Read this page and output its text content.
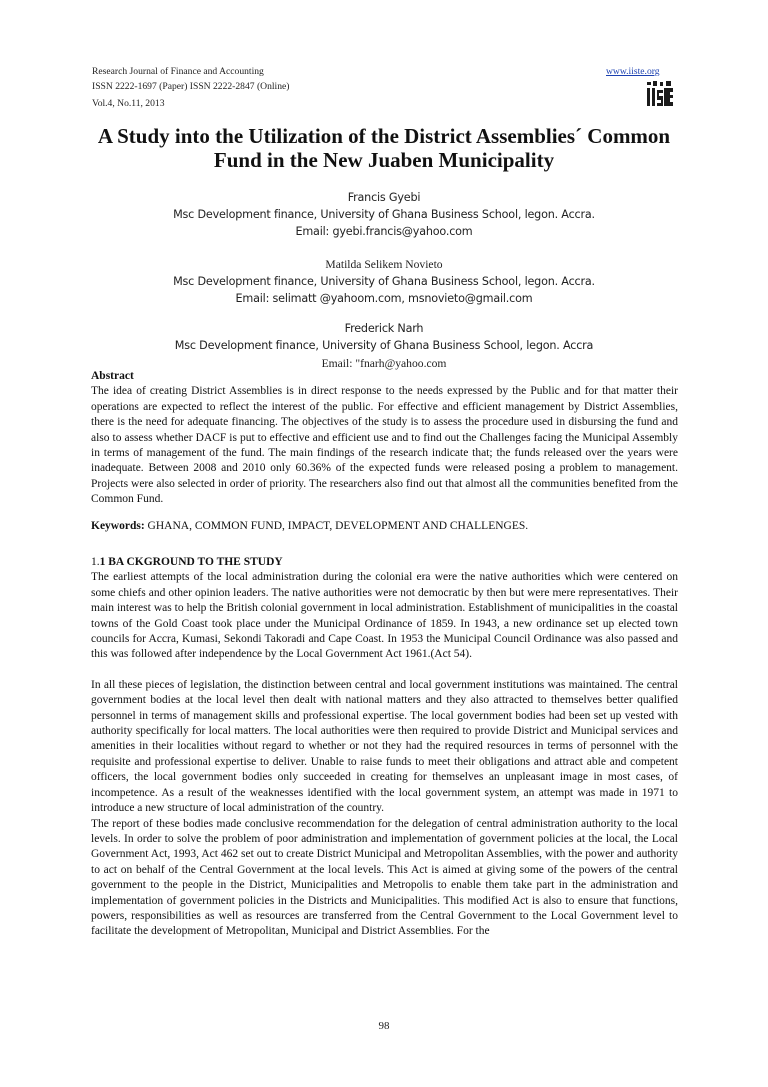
Research Journal of Finance and Accounting
ISSN 2222-1697 (Paper) ISSN 2222-2847 (Online)
Vol.4, No.11, 2013
www.iiste.org
A Study into the Utilization of the District Assemblies´ Common Fund in the New Juaben Municipality
Francis Gyebi
Msc Development finance, University of Ghana Business School, legon. Accra.
Email: gyebi.francis@yahoo.com
Matilda Selikem Novieto
Msc Development finance, University of Ghana Business School, legon. Accra.
Email: selimatt @yahoom.com, msnovieto@gmail.com
Frederick Narh
Msc Development finance, University of Ghana Business School, legon. Accra
Email: "fnarh@yahoo.com
Abstract
The idea of creating District Assemblies is in direct response to the needs expressed by the Public and for that matter their operations are expected to reflect the interest of the public. For effective and efficient management by District Assemblies, there is the need for adequate financing. The objectives of the study is to assess the procedure used in disbursing the fund and also to assess whether DACF is put to effective and efficient use and to find out the Challenges facing the Municipal Assembly in terms of management of the fund. The main findings of the research indicate that; the funds released over the years were inadequate. Between 2008 and 2010 only 60.36% of the expected funds were released posing a problem to management. Projects were also selected in order of priority. The researchers also find out that almost all the communities benefited from the Common Fund.
Keywords: GHANA, COMMON FUND, IMPACT, DEVELOPMENT AND CHALLENGES.
1.1 BA CKGROUND TO THE STUDY
The earliest attempts of the local administration during the colonial era were the native authorities which were centered on some chiefs and other opinion leaders. The native authorities were not democratic by then but were mere representatives. Their main interest was to help the British colonial government in local administration. Establishment of municipalities in the coastal towns of the Gold Coast took place under the Municipal Ordinance of 1859. In 1943, a new ordinance set up elected town councils for Accra, Kumasi, Sekondi Takoradi and Cape Coast. In 1953 the Municipal Council Ordinance was also passed and this was followed after independence by the Local Government Act 1961.(Act 54).
In all these pieces of legislation, the distinction between central and local government institutions was maintained. The central government bodies at the local level then dealt with national matters and they also attracted to themselves better qualified personnel in terms of management skills and professional expertise. The local government bodies had been set up vested with authority specifically for local matters. The local authorities were then required to provide District and Municipal services and amenities in their localities without regard to whether or not they had the required resources in terms of personnel with the requisite and professional expertise to deliver. Unable to raise funds to meet their obligations and attract able and competent officers, the local government bodies only succeeded in creating for themselves an unpleasant image in most cases, of incompetence. As a result of the weaknesses identified with the local government system, an attempt was made in 1971 to introduce a new structure of local administration of the country.
The report of these bodies made conclusive recommendation for the delegation of central administration authority to the local levels. In order to solve the problem of poor administration and implementation of government policies at the local, the Local Government Act, 1993, Act 462 set out to create District Municipal and Metropolitan Assemblies, with the power and authority to act on behalf of the Central Government at the local levels. This Act is aimed at giving some of the powers of the central government to the people in the District, Municipalities and Metropolis to enable them take part in the administration and implementation of government policies in the Districts and Municipalities. This modified Act is also to ensure that functions, powers, responsibilities as well as resources are transferred from the Central Government to the Local Government level to facilitate the development of Metropolitan, Municipal and District Assemblies. For the
98
